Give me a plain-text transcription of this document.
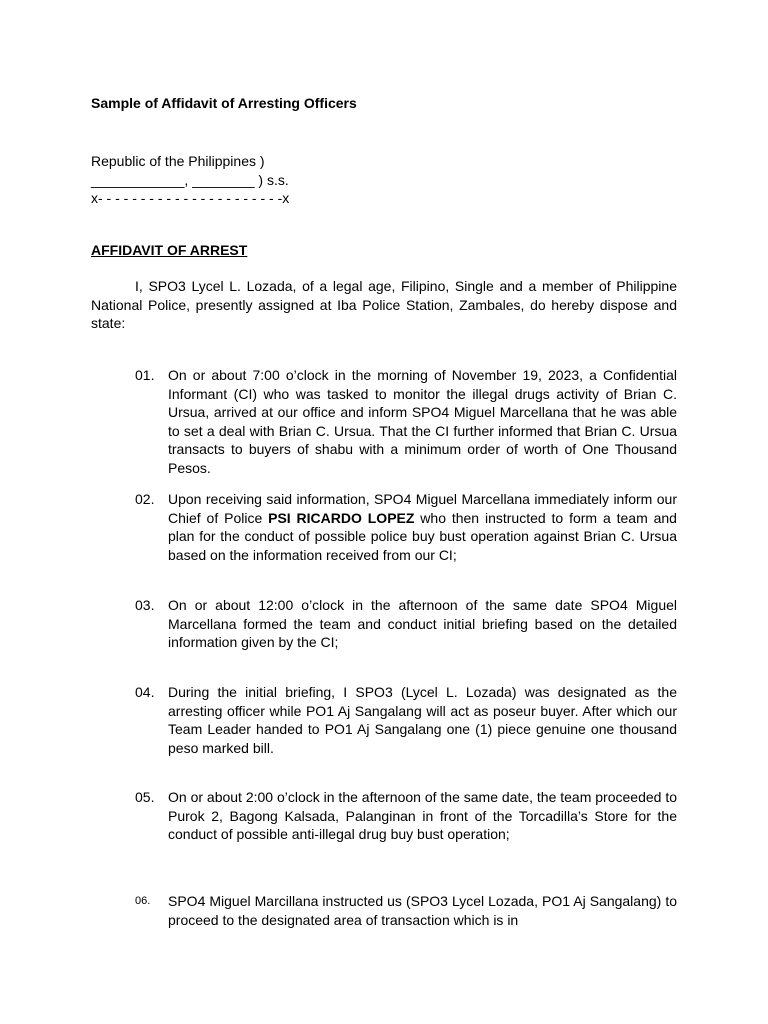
Sample of Affidavit of Arresting Officers
Republic of the Philippines )
____________, ________ ) s.s.
x- - - - - - - - - - - - - - - - - - - - - -x
AFFIDAVIT OF ARREST
I, SPO3 Lycel L. Lozada, of a legal age, Filipino, Single and a member of Philippine National Police, presently assigned at Iba Police Station, Zambales, do hereby dispose and state:
01. On or about 7:00 o’clock in the morning of November 19, 2023, a Confidential Informant (CI) who was tasked to monitor the illegal drugs activity of Brian C. Ursua, arrived at our office and inform SPO4 Miguel Marcellana that he was able to set a deal with Brian C. Ursua. That the CI further informed that Brian C. Ursua transacts to buyers of shabu with a minimum order of worth of One Thousand Pesos.
02. Upon receiving said information, SPO4 Miguel Marcellana immediately inform our Chief of Police PSI RICARDO LOPEZ who then instructed to form a team and plan for the conduct of possible police buy bust operation against Brian C. Ursua based on the information received from our CI;
03. On or about 12:00 o’clock in the afternoon of the same date SPO4 Miguel Marcellana formed the team and conduct initial briefing based on the detailed information given by the CI;
04. During the initial briefing, I SPO3 (Lycel L. Lozada) was designated as the arresting officer while PO1 Aj Sangalang will act as poseur buyer. After which our Team Leader handed to PO1 Aj Sangalang one (1) piece genuine one thousand peso marked bill.
05. On or about 2:00 o’clock in the afternoon of the same date, the team proceeded to Purok 2, Bagong Kalsada, Palanginan in front of the Torcadilla’s Store for the conduct of possible anti-illegal drug buy bust operation;
06.	SPO4 Miguel Marcillana instructed us (SPO3 Lycel Lozada, PO1 Aj Sangalang) to proceed to the designated area of transaction which is in
